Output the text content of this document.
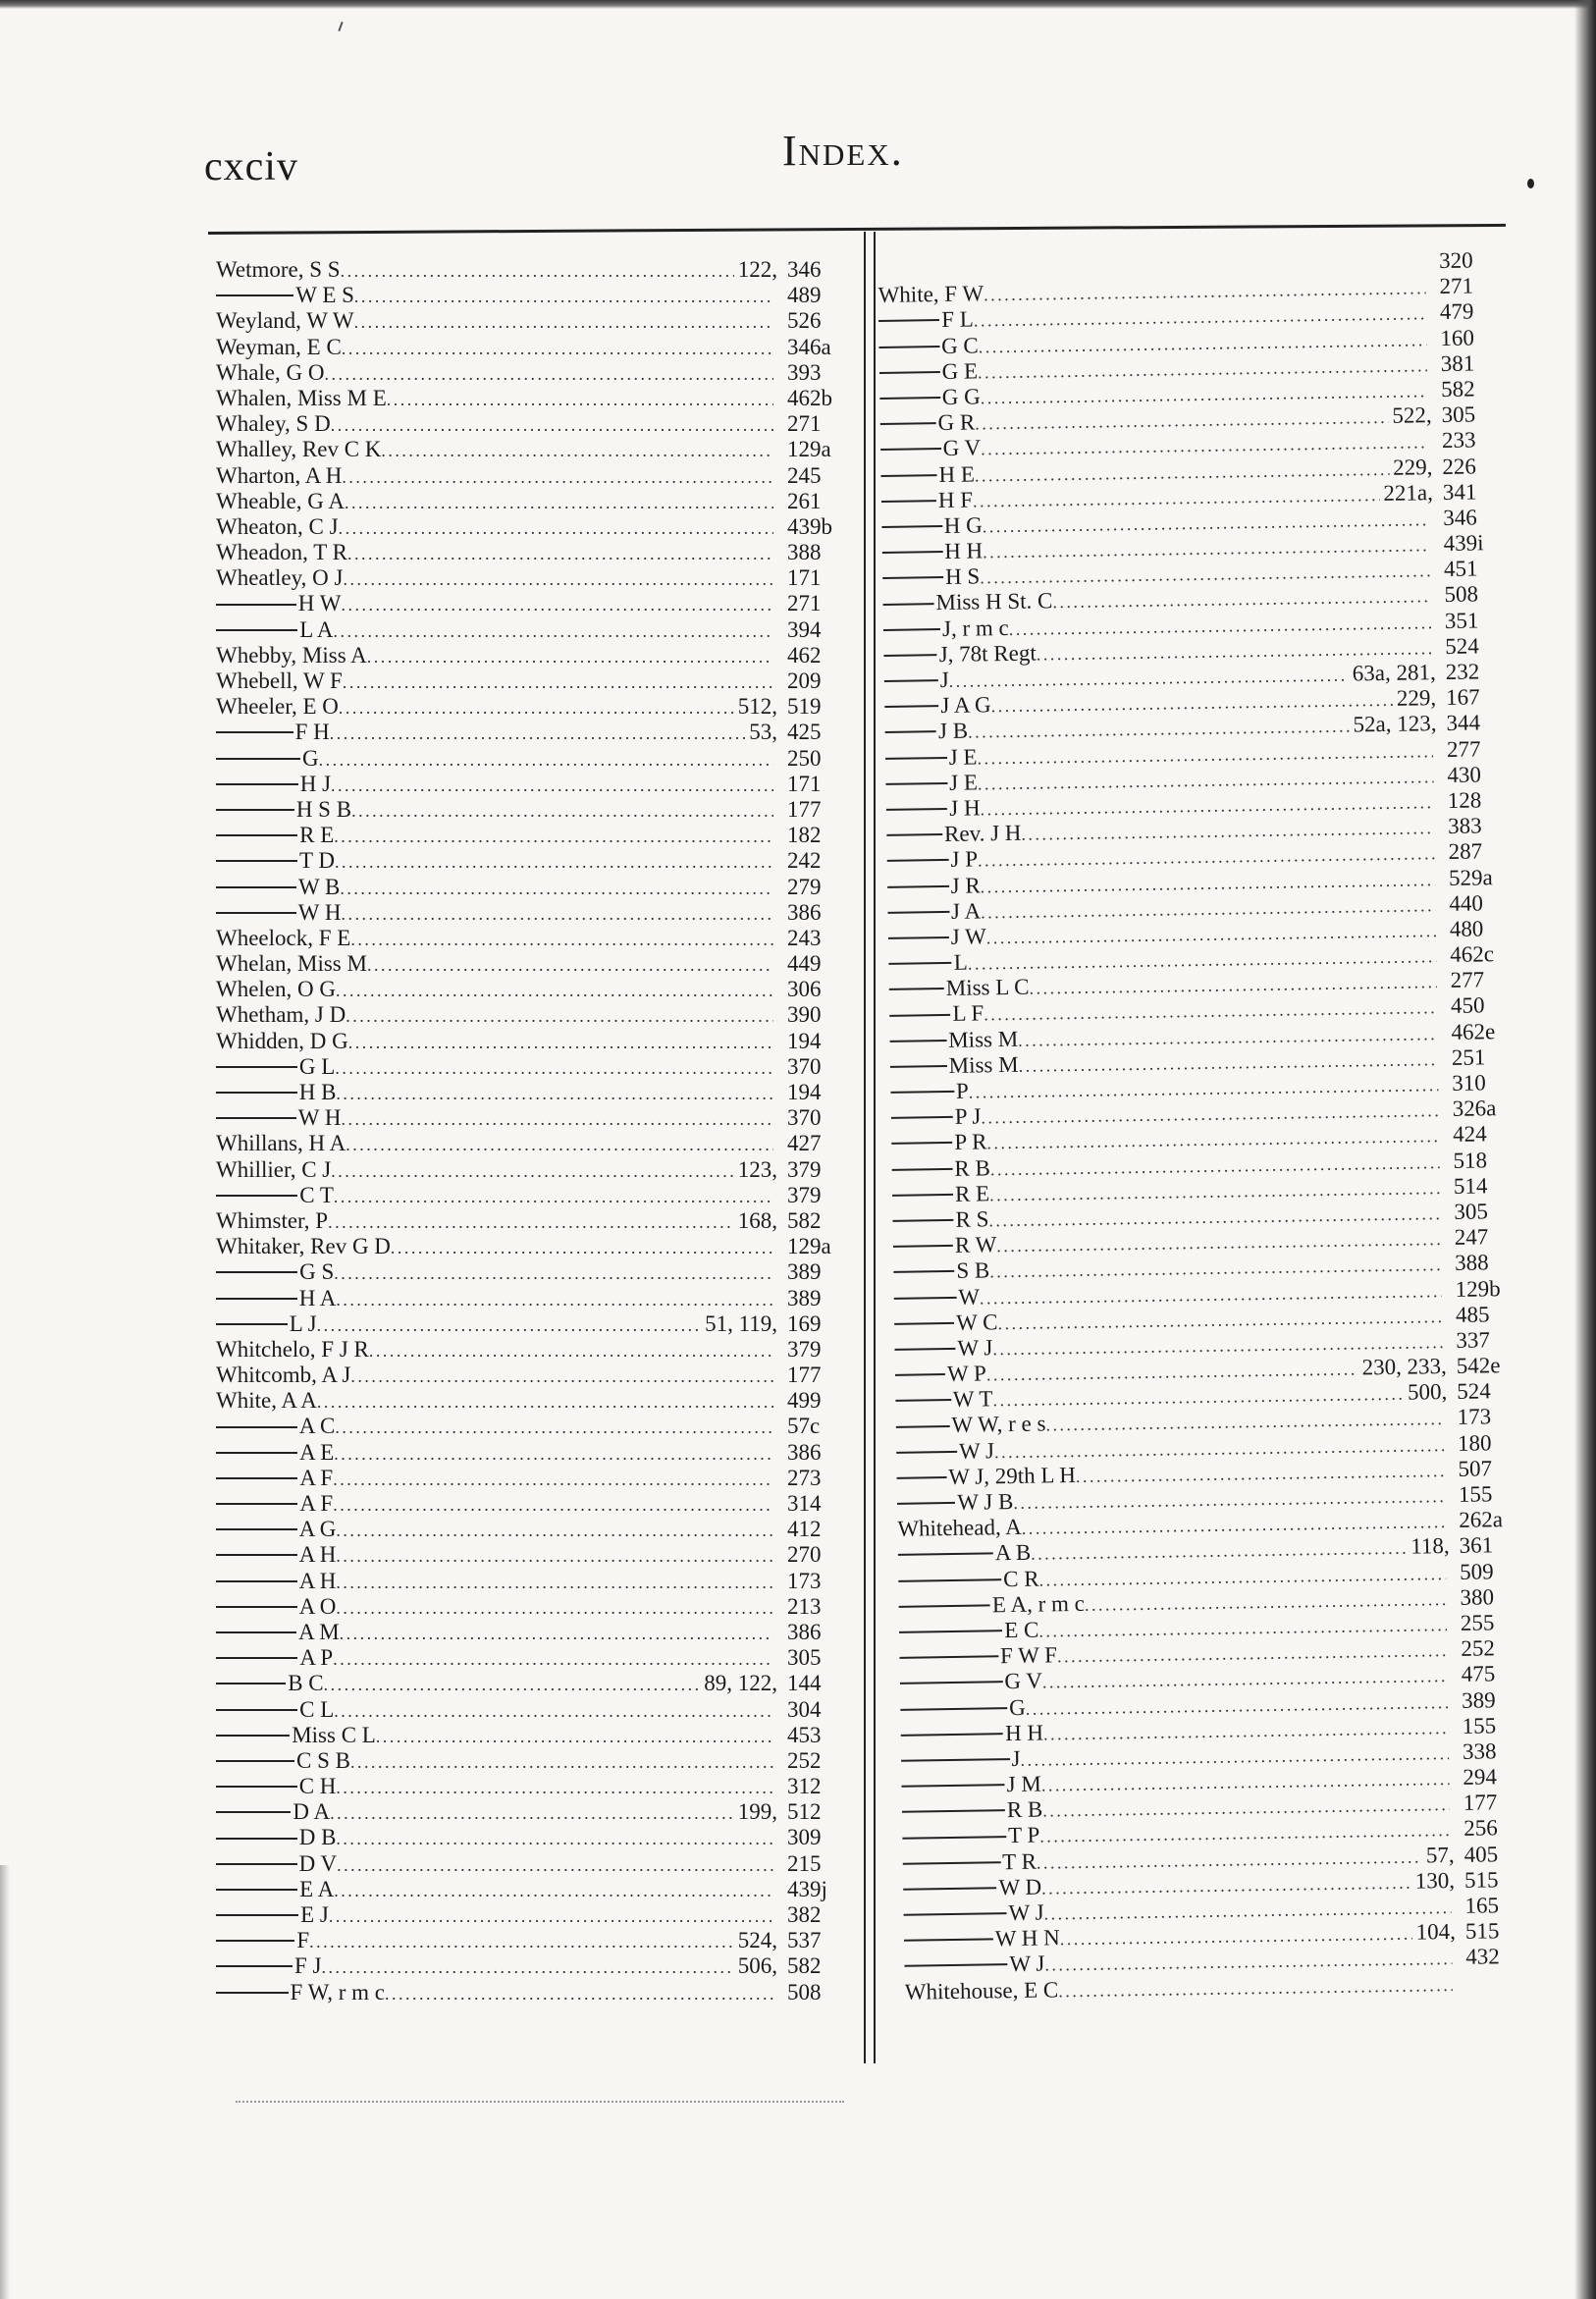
cxciv	Index.
Wetmore, S S . . .	122, 346
W E S . . .	489
Weyland, W W . . .	526
Weyman, E C . . .	346a
Whale, G O . . .	393
Whalen, Miss M E . . .	462b
Whaley, S D . . .	271
Whalley, Rev C K . . .	129a
Wharton, A H . . .	245
Wheable, G A . . .	261
Wheaton, C J . . .	439b
Wheadon, T R . . .	388
Wheatley, O J . . .	171
H W . . .	271
L A . . .	394
Whebby, Miss A . . .	462
Whebell, W F . . .	209
Wheeler, E O . . .	512, 519
F H . . .	53, 425
G . . .	250
H J . . .	171
H S B . . .	177
R E . . .	182
T D . . .	242
W B . . .	279
W H . . .	386
Wheelock, F E . . .	243
Whelan, Miss M . . .	449
Whelen, O G . . .	306
Whetham, J D . . .	390
Whidden, D G . . .	194
G L . . .	370
H B . . .	194
W H . . .	370
Whillans, H A . . .	427
Whillier, C J . . .	123, 379
C T . . .	379
Whimster, P . . .	168, 582
Whitaker, Rev G D . . .	129a
G S . . .	389
H A . . .	389
L J . . .	51, 119, 169
Whitchelo, F J R . . .	379
Whitcomb, A J . . .	177
White, A A . . .	499
A C . . .	57c
A E . . .	386
A F . . .	273
A F . . .	314
A G . . .	412
A H . . .	270
A H . . .	173
A O . . .	213
A M . . .	386
A P . . .	305
B C . . .	89, 122, 144
C L . . .	304
Miss C L . . .	453
C S B . . .	252
C H . . .	312
D A . . .	199, 512
D B . . .	309
D V . . .	215
E A . . .	439j
E J . . .	382
F . . .	524, 537
F J . . .	506, 582
F W, r m c . . .	508
320
White, F W . . .	271
F L . . .	479
G C . . .	160
G E . . .	381
G G . . .	582
G R . . .	522, 305
G V . . .	233
H E . . .	229, 226
H F . . .	221a, 341
H G . . .	346
H H . . .	439i
H S . . .	451
Miss H St. C . . .	508
J, r m c . . .	351
J, 78t Regt . . .	524
J . . .	63a, 281, 232
J A G . . .	229, 167
J B . . .	52a, 123, 344
J E . . .	277
J E . . .	430
J H . . .	128
Rev. J H . . .	383
J P . . .	287
J R . . .	529a
J A . . .	440
J W . . .	480
L . . .	462c
Miss L C . . .	277
L F . . .	450
Miss M . . .	462e
Miss M . . .	251
P . . .	310
P J . . .	326a
P R . . .	424
R B . . .	518
R E . . .	514
R S . . .	305
R W . . .	247
S B . . .	388
W . . .	129b
W C . . .	485
W J . . .	337
W P . . .	230, 233, 542e
W T . . .	500, 524
W W, r e s . . .	173
W J . . .	180
W J, 29th L H . . .	507
W J B . . .	155
Whitehead, A . . .	262a
A B . . .	118, 361
C R . . .	509
E A, r m c . . .	380
E C . . .	255
F W F . . .	252
G V . . .	475
G . . .	389
H H . . .	155
J . . .	338
J M . . .	294
R B . . .	177
T P . . .	256
T R . . .	57, 405
W D . . .	130, 515
W J . . .	165
W H N . . .	104, 515
W J . . .	432
Whitehouse, E C
. . .
